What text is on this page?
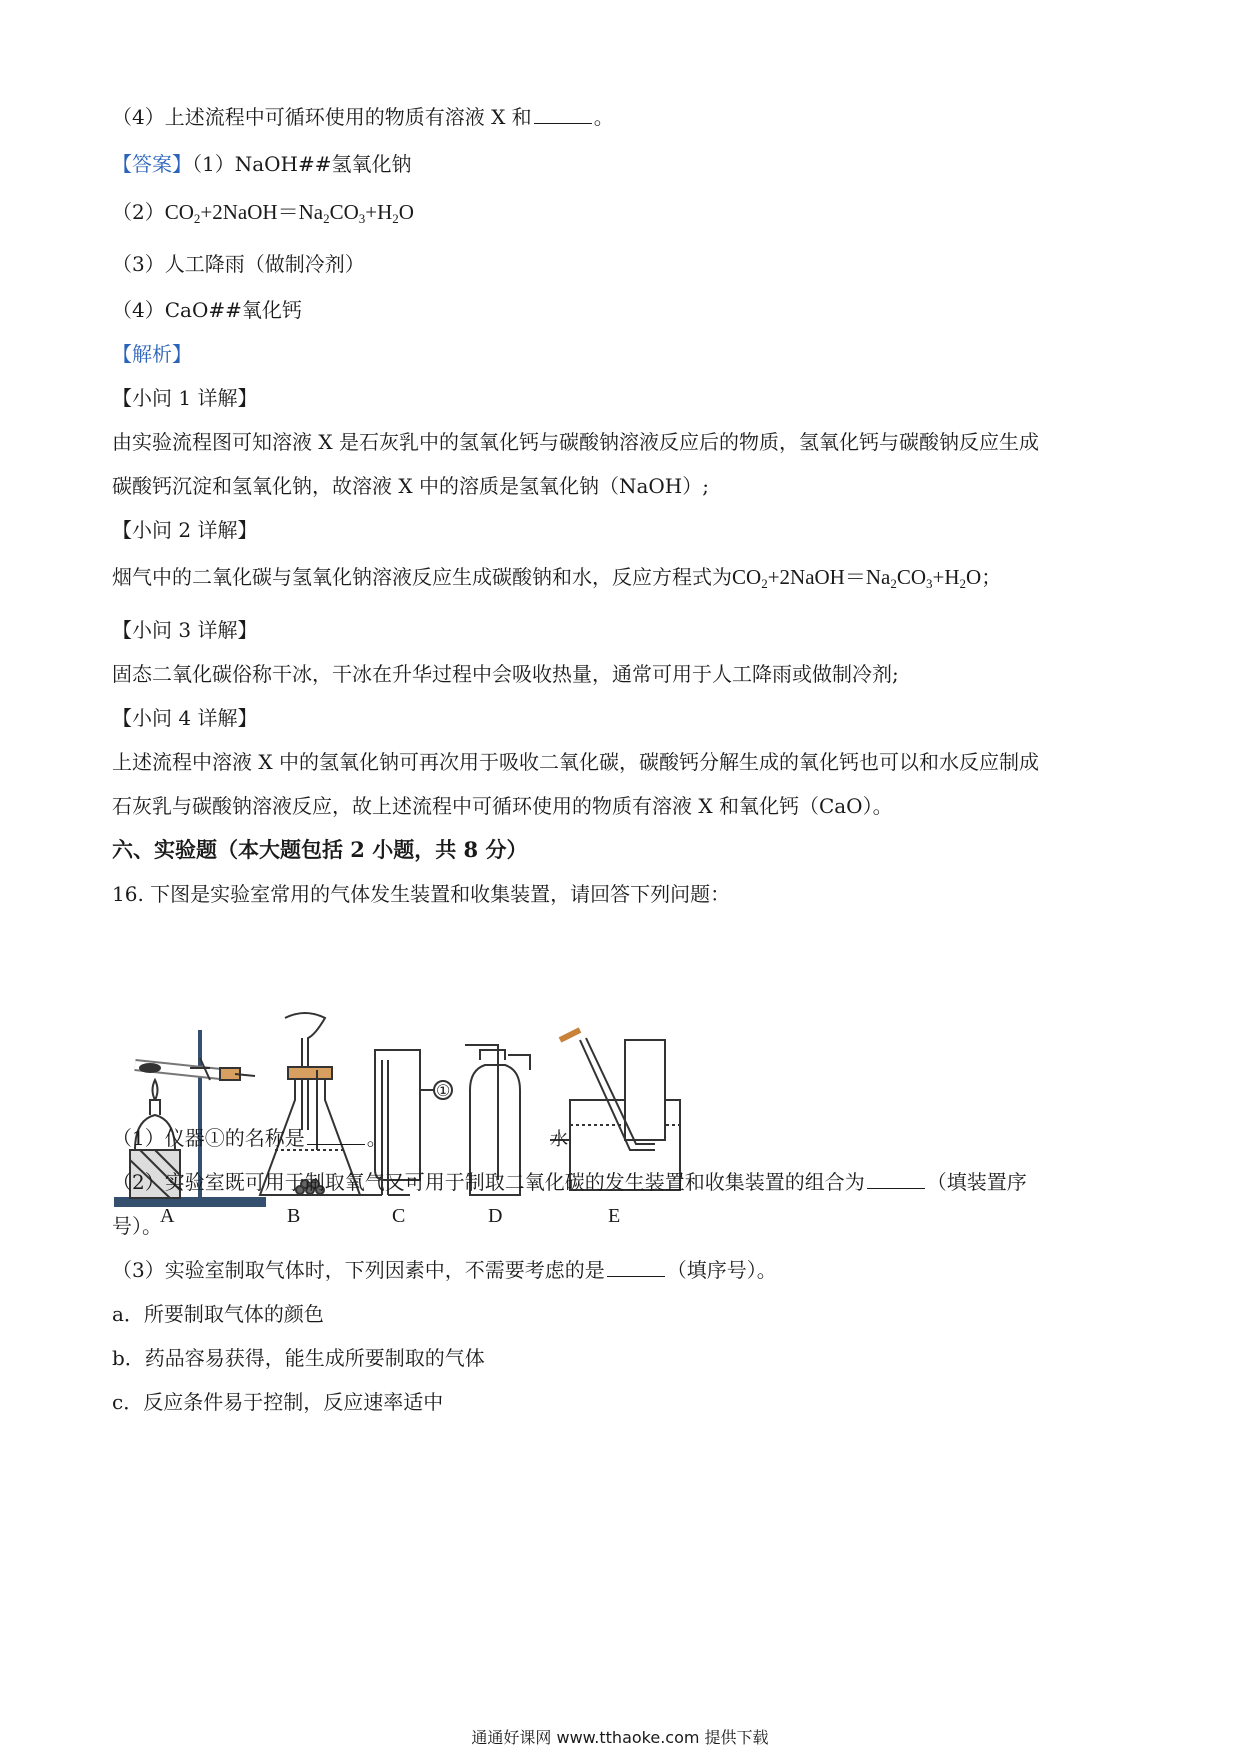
（4）上述流程中可循环使用的物质有溶液 X 和	。
【答案】（1）NaOH##氢氧化钠
$(2)CO_2+2NaOH=Na_2CO_3+H_2O$
（3）人工降雨（做制冷剂）
（4）CaO##氧化钙
【解析】
【小问 1 详解】
由实验流程图可知溶液 X 是石灰乳中的氢氧化钙与碳酸钠溶液反应后的物质，氢氧化钙与碳酸钠反应生成
碳酸钙沉淀和氢氧化钠，故溶液 X 中的溶质是氢氧化钠（NaOH）;
【小问 2 详解】
烟气中的二氧化碳与氢氧化钠溶液反应生成碳酸钠和水，反应方程式为$CO_2+2NaOH=Na_2CO_3+H_2O$；
【小问 3 详解】
固态二氧化碳俗称干冰，干冰在升华过程中会吸收热量，通常可用于人工降雨或做制冷剂;
【小问 4 详解】
上述流程中溶液 X 中的氢氧化钠可再次用于吸收二氧化碳，碳酸钙分解生成的氧化钙也可以和水反应制成
石灰乳与碳酸钠溶液反应，故上述流程中可循环使用的物质有溶液 X 和氧化钙（CaO）。
六、实验题（本大题包括 2 小题，共 8 分）
16. 下图是实验室常用的气体发生装置和收集装置，请回答下列问题：
A	B	C	D	E
①
水
（1）仪器①的名称是	。
（2）实验室既可用于制取氧气又可用于制取二氧化碳的发生装置和收集装置的组合为	（填装置序
号）。
（3）实验室制取气体时，下列因素中，不需要考虑的是	（填序号）。
a．所要制取气体的颜色
b．药品容易获得，能生成所要制取的气体
c．反应条件易于控制，反应速率适中
通通好课网 www.tthaoke.com 提供下载
